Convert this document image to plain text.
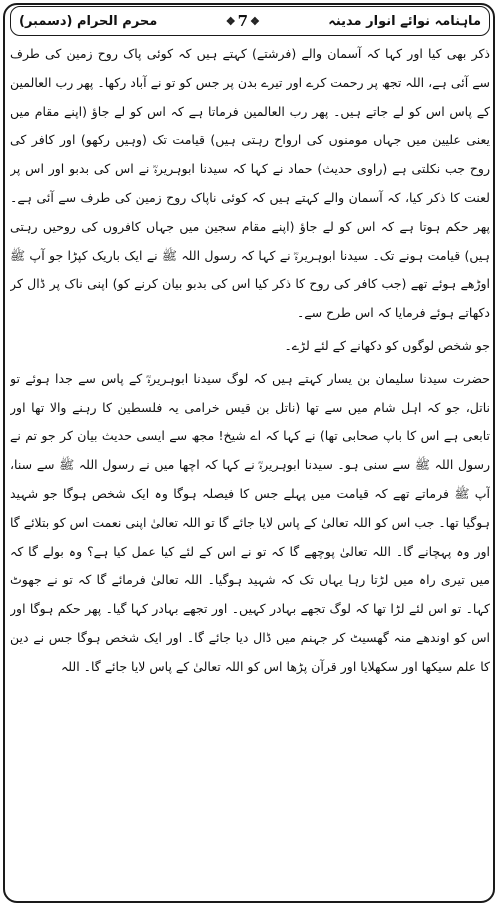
ماہنامہ نوائے انوار مدینہ
❖ 7 ❖
محرم الحرام (دسمبر)

ذکر بھی کیا اور کہا کہ آسمان والے (فرشتے) کہتے ہیں کہ کوئی پاک روح زمین کی طرف سے آئی ہے، اللہ تجھ پر رحمت کرے اور تیرے بدن پر جس کو تو نے آباد رکھا۔ پھر رب العالمین کے پاس اس کو لے جاتے ہیں۔ پھر رب العالمین فرماتا ہے کہ اس کو لے جاؤ (اپنے مقام میں یعنی علیین میں جہاں مومنوں کی ارواح رہتی ہیں) قیامت تک (وہیں رکھو) اور کافر کی روح جب نکلتی ہے (راوی حدیث) حماد نے کہا کہ سیدنا ابوہریرہؓ نے اس کی بدبو اور اس پر لعنت کا ذکر کیا، کہ آسمان والے کہتے ہیں کہ کوئی ناپاک روح زمین کی طرف سے آئی ہے۔ پھر حکم ہوتا ہے کہ اس کو لے جاؤ (اپنے مقام سجین میں جہاں کافروں کی روحیں رہتی ہیں) قیامت ہونے تک۔ سیدنا ابوہریرہؓ نے کہا کہ رسول اللہ ﷺ نے ایک باریک کپڑا جو آپ ﷺ اوڑھے ہوئے تھے (جب کافر کی روح کا ذکر کیا اس کی بدبو بیان کرنے کو) اپنی ناک پر ڈال کر دکھاتے ہوئے فرمایا کہ اس طرح سے۔

جو شخص لوگوں کو دکھانے کے لئے لڑے۔

حضرت سیدنا سلیمان بن یسار کہتے ہیں کہ لوگ سیدنا ابوہریرہؓ کے پاس سے جدا ہوئے تو ناتل، جو کہ اہل شام میں سے تھا (ناتل بن قیس خرامی یہ فلسطین کا رہنے والا تھا اور تابعی ہے اس کا باپ صحابی تھا) نے کہا کہ اے شیخ! مجھ سے ایسی حدیث بیان کر جو تم نے رسول اللہ ﷺ سے سنی ہو۔ سیدنا ابوہریرہؓ نے کہا کہ اچھا میں نے رسول اللہ ﷺ سے سنا، آپ ﷺ فرماتے تھے کہ قیامت میں پہلے جس کا فیصلہ ہوگا وہ ایک شخص ہوگا جو شہید ہوگیا تھا۔ جب اس کو اللہ تعالیٰ کے پاس لایا جائے گا تو اللہ تعالیٰ اپنی نعمت اس کو بتلائے گا اور وہ پہچانے گا۔ اللہ تعالیٰ پوچھے گا کہ تو نے اس کے لئے کیا عمل کیا ہے؟ وہ بولے گا کہ میں تیری راہ میں لڑتا رہا یہاں تک کہ شہید ہوگیا۔ اللہ تعالیٰ فرمائے گا کہ تو نے جھوٹ کہا۔ تو اس لئے لڑا تھا کہ لوگ تجھے بہادر کہیں۔ اور تجھے بہادر کہا گیا۔ پھر حکم ہوگا اور اس کو اوندھے منہ گھسیٹ کر جہنم میں ڈال دیا جائے گا۔ اور ایک شخص ہوگا جس نے دین کا علم سیکھا اور سکھلایا اور قرآن پڑھا اس کو اللہ تعالیٰ کے پاس لایا جائے گا۔ اللہ
